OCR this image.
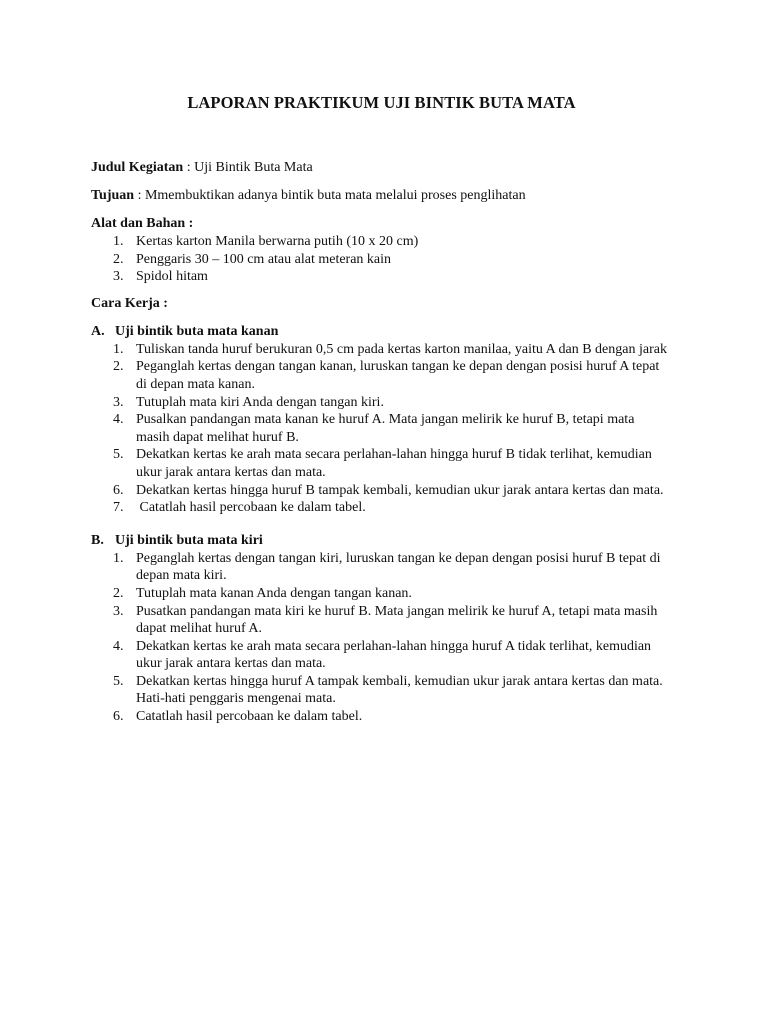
LAPORAN PRAKTIKUM UJI BINTIK BUTA MATA

Judul Kegiatan : Uji Bintik Buta Mata

Tujuan : Mmembuktikan adanya bintik buta mata melalui proses penglihatan

Alat dan Bahan :

1. Kertas karton Manila berwarna putih (10 x 20 cm)
2. Penggaris 30 – 100 cm atau alat meteran kain
3. Spidol hitam

Cara Kerja :

A. Uji bintik buta mata kanan
1. Tuliskan tanda huruf berukuran 0,5 cm pada kertas karton manilaa, yaitu A dan B dengan jarak
2. Peganglah kertas dengan tangan kanan, luruskan tangan ke depan dengan posisi huruf A tepat di depan mata kanan.
3. Tutuplah mata kiri Anda dengan tangan kiri.
4. Pusalkan pandangan mata kanan ke huruf A. Mata jangan melirik ke huruf B, tetapi mata masih dapat melihat huruf B.
5. Dekatkan kertas ke arah mata secara perlahan-lahan hingga huruf B tidak terlihat, kemudian ukur jarak antara kertas dan mata.
6. Dekatkan kertas hingga huruf B tampak kembali, kemudian ukur jarak antara kertas dan mata.
7. Catatlah hasil percobaan ke dalam tabel.
B. Uji bintik buta mata kiri
1. Peganglah kertas dengan tangan kiri, luruskan tangan ke depan dengan posisi huruf B tepat di depan mata kiri.
2. Tutuplah mata kanan Anda dengan tangan kanan.
3. Pusatkan pandangan mata kiri ke huruf B. Mata jangan melirik ke huruf A, tetapi mata masih dapat melihat huruf A.
4. Dekatkan kertas ke arah mata secara perlahan-lahan hingga huruf A tidak terlihat, kemudian ukur jarak antara kertas dan mata.
5. Dekatkan kertas hingga huruf A tampak kembali, kemudian ukur jarak antara kertas dan mata. Hati-hati penggaris mengenai mata.
6. Catatlah hasil percobaan ke dalam tabel.
